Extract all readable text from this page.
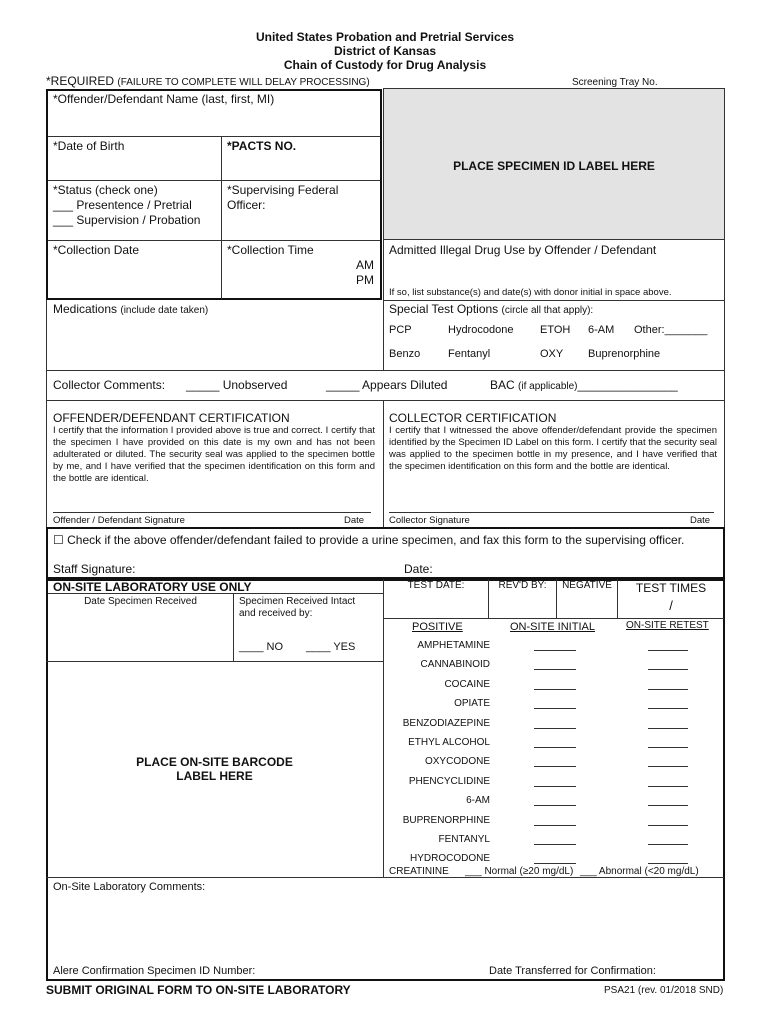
United States Probation and Pretrial Services
District of Kansas
Chain of Custody for Drug Analysis
*REQUIRED (FAILURE TO COMPLETE WILL DELAY PROCESSING)	Screening Tray No.
PLACE SPECIMEN ID LABEL HERE
*Offender/Defendant Name (last, first, MI)
*Date of Birth	*PACTS NO.
*Status (check one)
___ Presentence / Pretrial
___ Supervision / Probation
*Supervising Federal
Officer:
*Collection Date	*Collection Time
AM
PM
Admitted Illegal Drug Use by Offender / Defendant
If so, list substance(s) and date(s) with donor initial in space above.
Medications (include date taken)	Special Test Options (circle all that apply):
PCP	Hydrocodone ETOH 6-AM Other:_______
Benzo	Fentanyl	OXY Buprenorphine
Collector Comments: _____ Unobserved	_____ Appears Diluted	BAC (if applicable)_______________
OFFENDER/DEFENDANT CERTIFICATION
I certify that the information I provided above is true and correct. I certify that the specimen I have provided on this date is my own and has not been adulterated or diluted. The security seal was applied to the specimen bottle by me, and I have verified that the specimen identification on this form and the bottle are identical.
Offender / Defendant Signature	Date
COLLECTOR CERTIFICATION
I certify that I witnessed the above offender/defendant provide the specimen identified by the Specimen ID Label on this form. I certify that the security seal was applied to the specimen bottle in my presence, and I have verified that the specimen identification on this form and the bottle are identical.
Collector Signature	Date
☐ Check if the above offender/defendant failed to provide a urine specimen, and fax this form to the supervising officer.
Staff Signature:	Date:
ON-SITE LABORATORY USE ONLY
Date Specimen Received	Specimen Received Intact
and received by:
____ NO ____ YES
TEST DATE:	REV'D BY:	NEGATIVE	TEST TIMES
/
POSITIVE	ON-SITE INITIAL	ON-SITE RETEST
AMPHETAMINE
CANNABINOID
COCAINE
OPIATE
BENZODIAZEPINE
ETHYL ALCOHOL
OXYCODONE
PHENCYCLIDINE
6-AM
BUPRENORPHINE
FENTANYL
HYDROCODONE
PLACE ON-SITE BARCODE
LABEL HERE
CREATININE ___ Normal (≥20 mg/dL) ___ Abnormal (<20 mg/dL)
On-Site Laboratory Comments:
Alere Confirmation Specimen ID Number:	Date Transferred for Confirmation:
SUBMIT ORIGINAL FORM TO ON-SITE LABORATORY	PSA21 (rev. 01/2018 SND)
